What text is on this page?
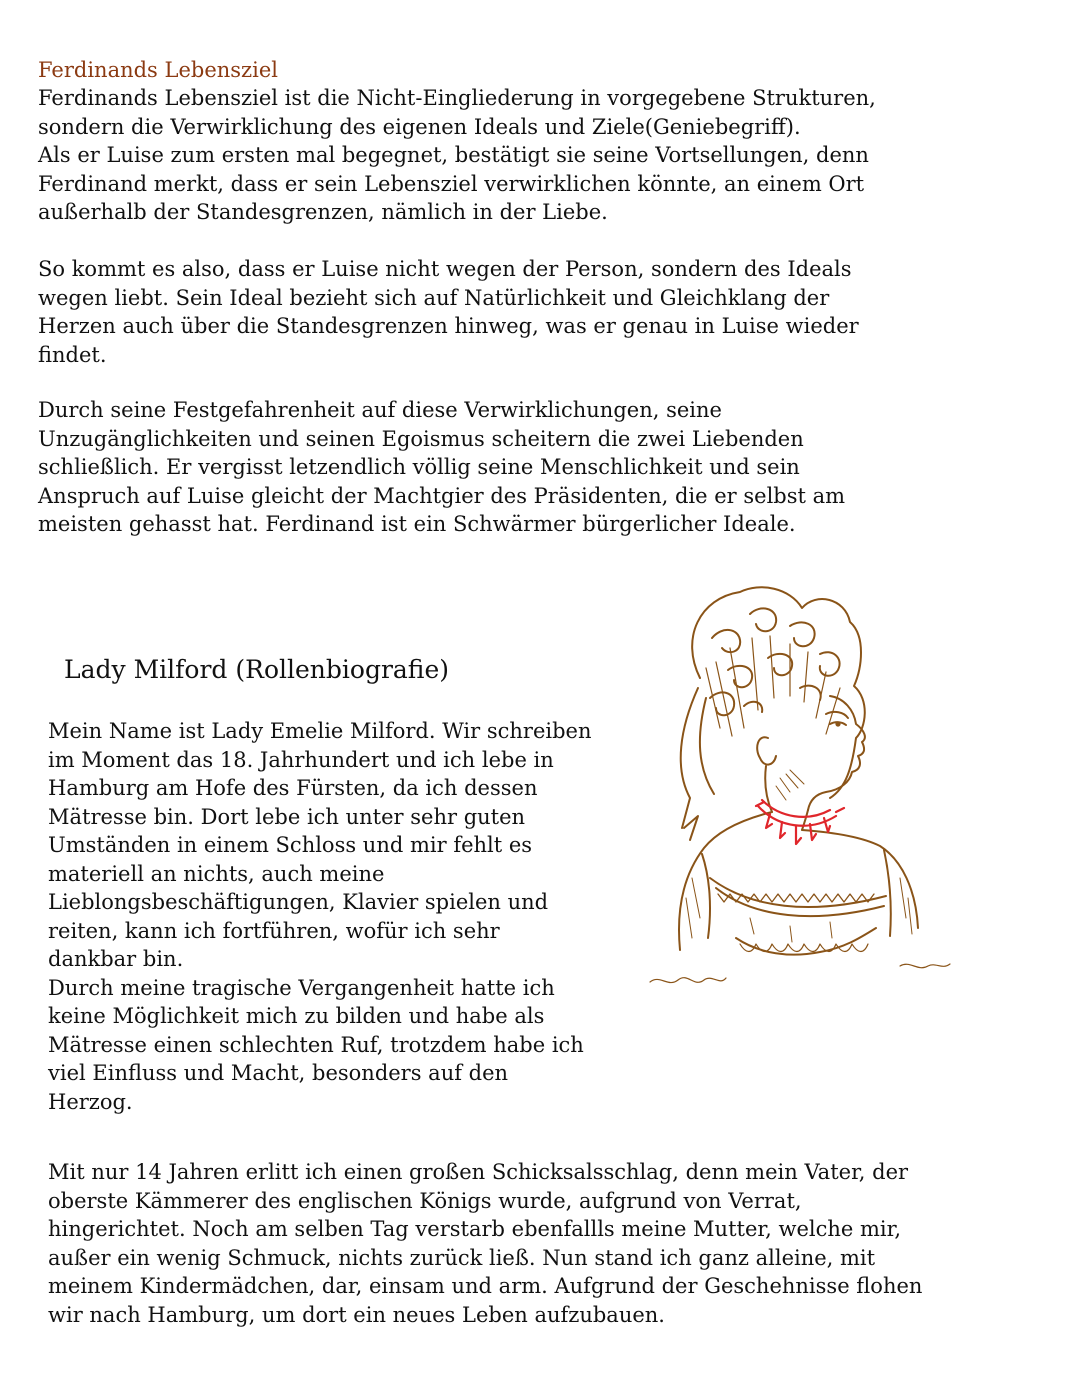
Ferdinands Lebensziel

Ferdinands Lebensziel ist die Nicht-Eingliederung in vorgegebene Strukturen,
sondern die Verwirklichung des eigenen Ideals und Ziele(Geniebegriff).
Als er Luise zum ersten mal begegnet, bestätigt sie seine Vortsellungen, denn
Ferdinand merkt, dass er sein Lebensziel verwirklichen könnte, an einem Ort
außerhalb der Standesgrenzen, nämlich in der Liebe.

So kommt es also, dass er Luise nicht wegen der Person, sondern des Ideals
wegen liebt. Sein Ideal bezieht sich auf Natürlichkeit und Gleichklang der
Herzen auch über die Standesgrenzen hinweg, was er genau in Luise wieder
findet.

Durch seine Festgefahrenheit auf diese Verwirklichungen, seine
Unzugänglichkeiten und seinen Egoismus scheitern die zwei Liebenden
schließlich. Er vergisst letzendlich völlig seine Menschlichkeit und sein
Anspruch auf Luise gleicht der Machtgier des Präsidenten, die er selbst am
meisten gehasst hat. Ferdinand ist ein Schwärmer bürgerlicher Ideale.

Lady Milford (Rollenbiografie)

Mein Name ist Lady Emelie Milford. Wir schreiben
im Moment das 18. Jahrhundert und ich lebe in
Hamburg am Hofe des Fürsten, da ich dessen
Mätresse bin. Dort lebe ich unter sehr guten
Umständen in einem Schloss und mir fehlt es
materiell an nichts, auch meine
Lieblongsbeschäftigungen, Klavier spielen und
reiten, kann ich fortführen, wofür ich sehr
dankbar bin.
Durch meine tragische Vergangenheit hatte ich
keine Möglichkeit mich zu bilden und habe als
Mätresse einen schlechten Ruf, trotzdem habe ich
viel Einfluss und Macht, besonders auf den
Herzog.

Mit nur 14 Jahren erlitt ich einen großen Schicksalsschlag, denn mein Vater, der
oberste Kämmerer des englischen Königs wurde, aufgrund von Verrat,
hingerichtet. Noch am selben Tag verstarb ebenfallls meine Mutter, welche mir,
außer ein wenig Schmuck, nichts zurück ließ. Nun stand ich ganz alleine, mit
meinem Kindermädchen, dar, einsam und arm. Aufgrund der Geschehnisse flohen
wir nach Hamburg, um dort ein neues Leben aufzubauen.
